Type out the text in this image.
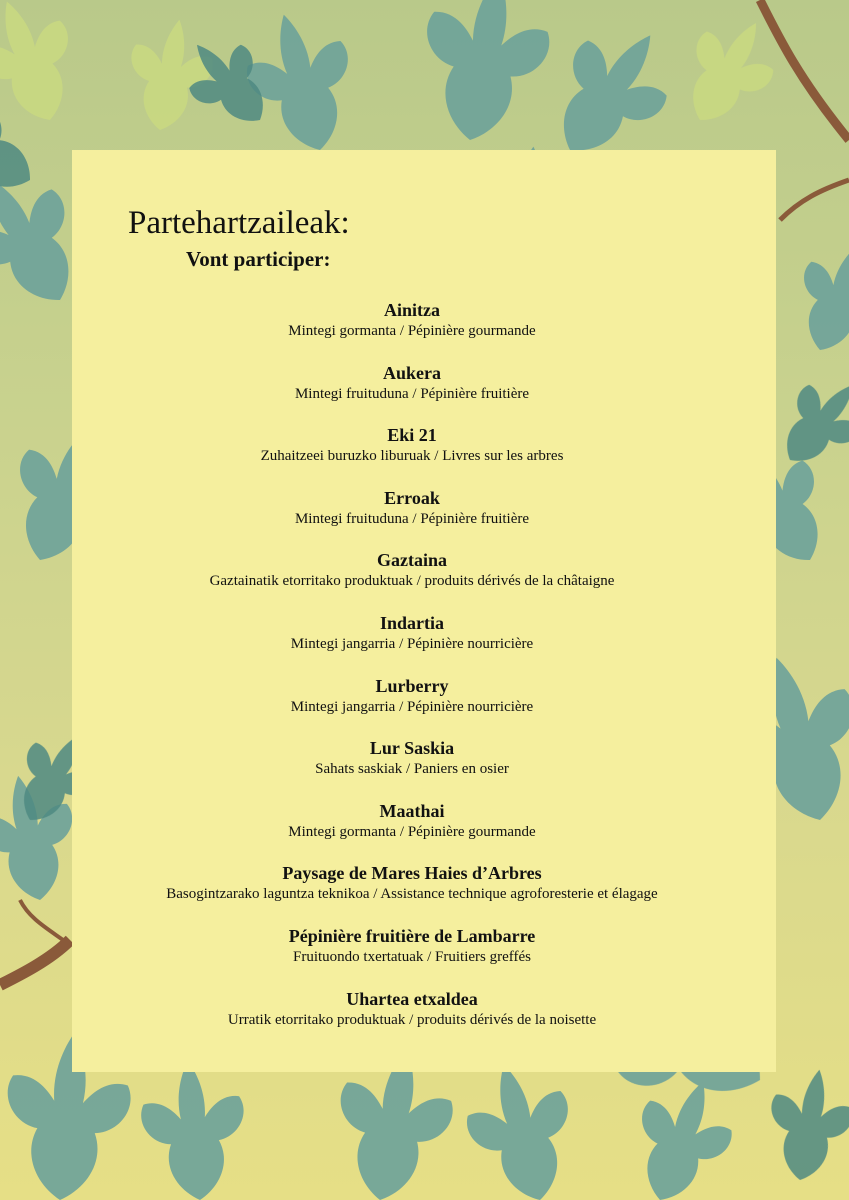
Partehartzaileak:
Vont participer:
Ainitza
Mintegi gormanta / Pépinière gourmande
Aukera
Mintegi fruituduna / Pépinière fruitière
Eki 21
Zuhaitzeei buruzko liburuak / Livres sur les arbres
Erroak
Mintegi fruituduna / Pépinière fruitière
Gaztaina
Gaztainatik etorritako produktuak / produits dérivés de la châtaigne
Indartia
Mintegi jangarria / Pépinière nourricière
Lurberry
Mintegi jangarria / Pépinière nourricière
Lur Saskia
Sahats saskiak / Paniers en osier
Maathai
Mintegi gormanta / Pépinière gourmande
Paysage de Mares Haies d’Arbres
Basogintzarako laguntza teknikoa / Assistance technique agroforesterie et élagage
Pépinière fruitière de Lambarre
Fruituondo txertatuak / Fruitiers greffés
Uhartea etxaldea
Urratik etorritako produktuak / produits dérivés de la noisette
